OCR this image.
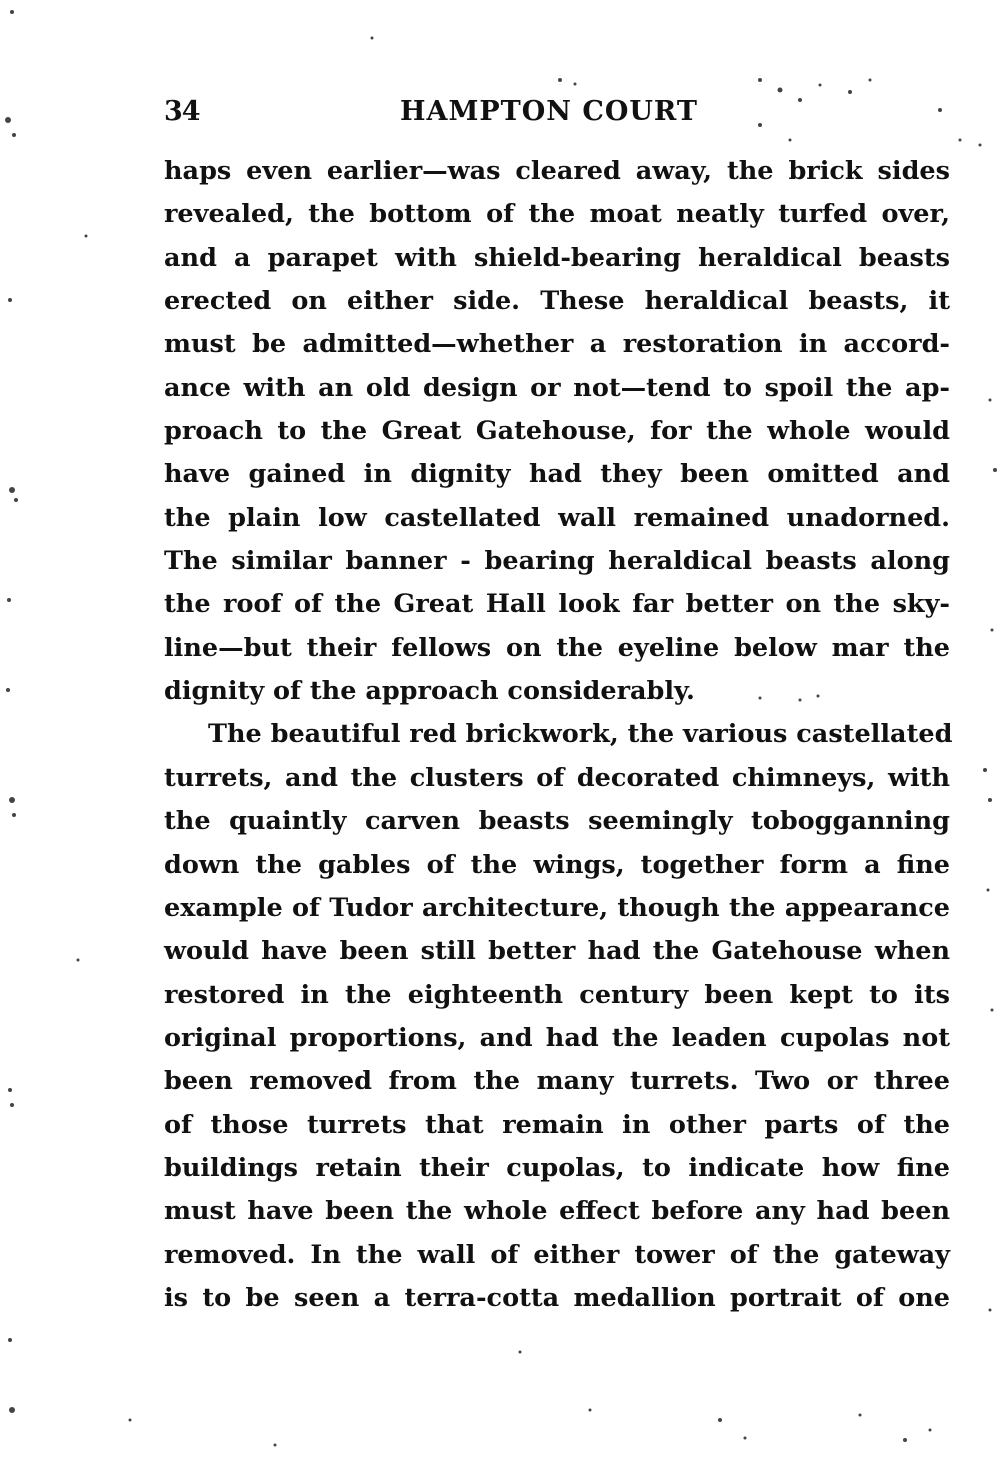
34	HAMPTON COURT
haps even earlier—was cleared away, the brick sides
revealed, the bottom of the moat neatly turfed over,
and a parapet with shield-bearing heraldical beasts
erected on either side. These heraldical beasts, it
must be admitted—whether a restoration in accord-
ance with an old design or not—tend to spoil the ap-
proach to the Great Gatehouse, for the whole would
have gained in dignity had they been omitted and
the plain low castellated wall remained unadorned.
The similar banner - bearing heraldical beasts along
the roof of the Great Hall look far better on the sky-
line—but their fellows on the eyeline below mar the
dignity of the approach considerably.
The beautiful red brickwork, the various castellated
turrets, and the clusters of decorated chimneys, with
the quaintly carven beasts seemingly tobogganning
down the gables of the wings, together form a fine
example of Tudor architecture, though the appearance
would have been still better had the Gatehouse when
restored in the eighteenth century been kept to its
original proportions, and had the leaden cupolas not
been removed from the many turrets. Two or three
of those turrets that remain in other parts of the
buildings retain their cupolas, to indicate how fine
must have been the whole effect before any had been
removed. In the wall of either tower of the gateway
is to be seen a terra-cotta medallion portrait of one
